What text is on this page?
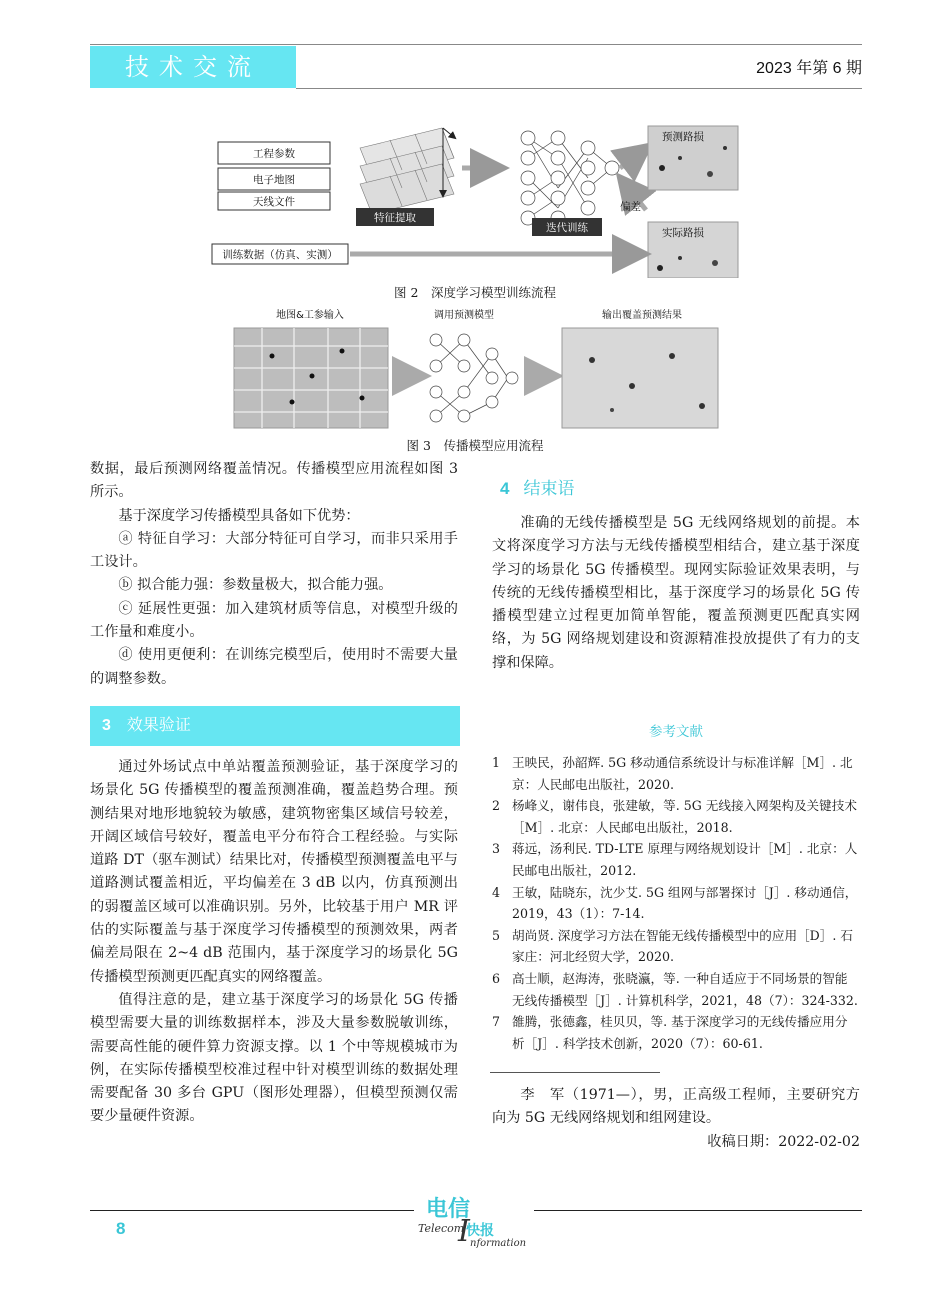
技术交流	2023 年第 6 期
工程参数
电子地图
天线文件
特征提取
迭代训练
偏差
预测路损
实际路损
训练数据（仿真、实测）
图 2　深度学习模型训练流程
地图&工参输入	调用预测模型	输出覆盖预测结果
图 3　传播模型应用流程

数据，最后预测网络覆盖情况。传播模型应用流程如图 3 所示。

基于深度学习传播模型具备如下优势：

ⓐ 特征自学习：大部分特征可自学习，而非只采用手工设计。

ⓑ 拟合能力强：参数量极大，拟合能力强。

ⓒ 延展性更强：加入建筑材质等信息，对模型升级的工作量和难度小。

ⓓ 使用更便利：在训练完模型后，使用时不需要大量的调整参数。

3 效果验证

通过外场试点中单站覆盖预测验证，基于深度学习的场景化 5G 传播模型的覆盖预测准确，覆盖趋势合理。预测结果对地形地貌较为敏感，建筑物密集区域信号较差，开阔区域信号较好，覆盖电平分布符合工程经验。与实际道路 DT（驱车测试）结果比对，传播模型预测覆盖电平与道路测试覆盖相近，平均偏差在 3 dB 以内，仿真预测出的弱覆盖区域可以准确识别。另外，比较基于用户 MR 评估的实际覆盖与基于深度学习传播模型的预测效果，两者偏差局限在 2~4 dB 范围内，基于深度学习的场景化 5G 传播模型预测更匹配真实的网络覆盖。

值得注意的是，建立基于深度学习的场景化 5G 传播模型需要大量的训练数据样本，涉及大量参数脱敏训练，需要高性能的硬件算力资源支撑。以 1 个中等规模城市为例，在实际传播模型校准过程中针对模型训练的数据处理需要配备 30 多台 GPU（图形处理器），但模型预测仅需要少量硬件资源。

4 结束语

准确的无线传播模型是 5G 无线网络规划的前提。本文将深度学习方法与无线传播模型相结合，建立基于深度学习的场景化 5G 传播模型。现网实际验证效果表明，与传统的无线传播模型相比，基于深度学习的场景化 5G 传播模型建立过程更加简单智能，覆盖预测更匹配真实网络，为 5G 网络规划建设和资源精准投放提供了有力的支撑和保障。

参考文献
1 王映民，孙韶辉. 5G 移动通信系统设计与标准详解［M］. 北京：人民邮电出版社，2020.
2 杨峰义，谢伟良，张建敏，等. 5G 无线接入网架构及关键技术［M］. 北京：人民邮电出版社，2018.
3 蒋远，汤利民. TD-LTE 原理与网络规划设计［M］. 北京：人民邮电出版社，2012.
4 王敏，陆晓东，沈少艾. 5G 组网与部署探讨［J］. 移动通信，2019，43（1）：7-14.
5 胡尚贤. 深度学习方法在智能无线传播模型中的应用［D］. 石家庄：河北经贸大学，2020.
6 高士顺，赵海涛，张晓瀛，等. 一种自适应于不同场景的智能无线传播模型［J］. 计算机科学，2021，48（7）：324-332.
7 雒腾，张德鑫，桂贝贝，等. 基于深度学习的无线传播应用分析［J］. 科学技术创新，2020（7）：60-61.

李　军（1971—），男，正高级工程师，主要研究方向为 5G 无线网络规划和组网建设。

收稿日期：2022-02-02

8
电信
Telecom 快报
I nformation
